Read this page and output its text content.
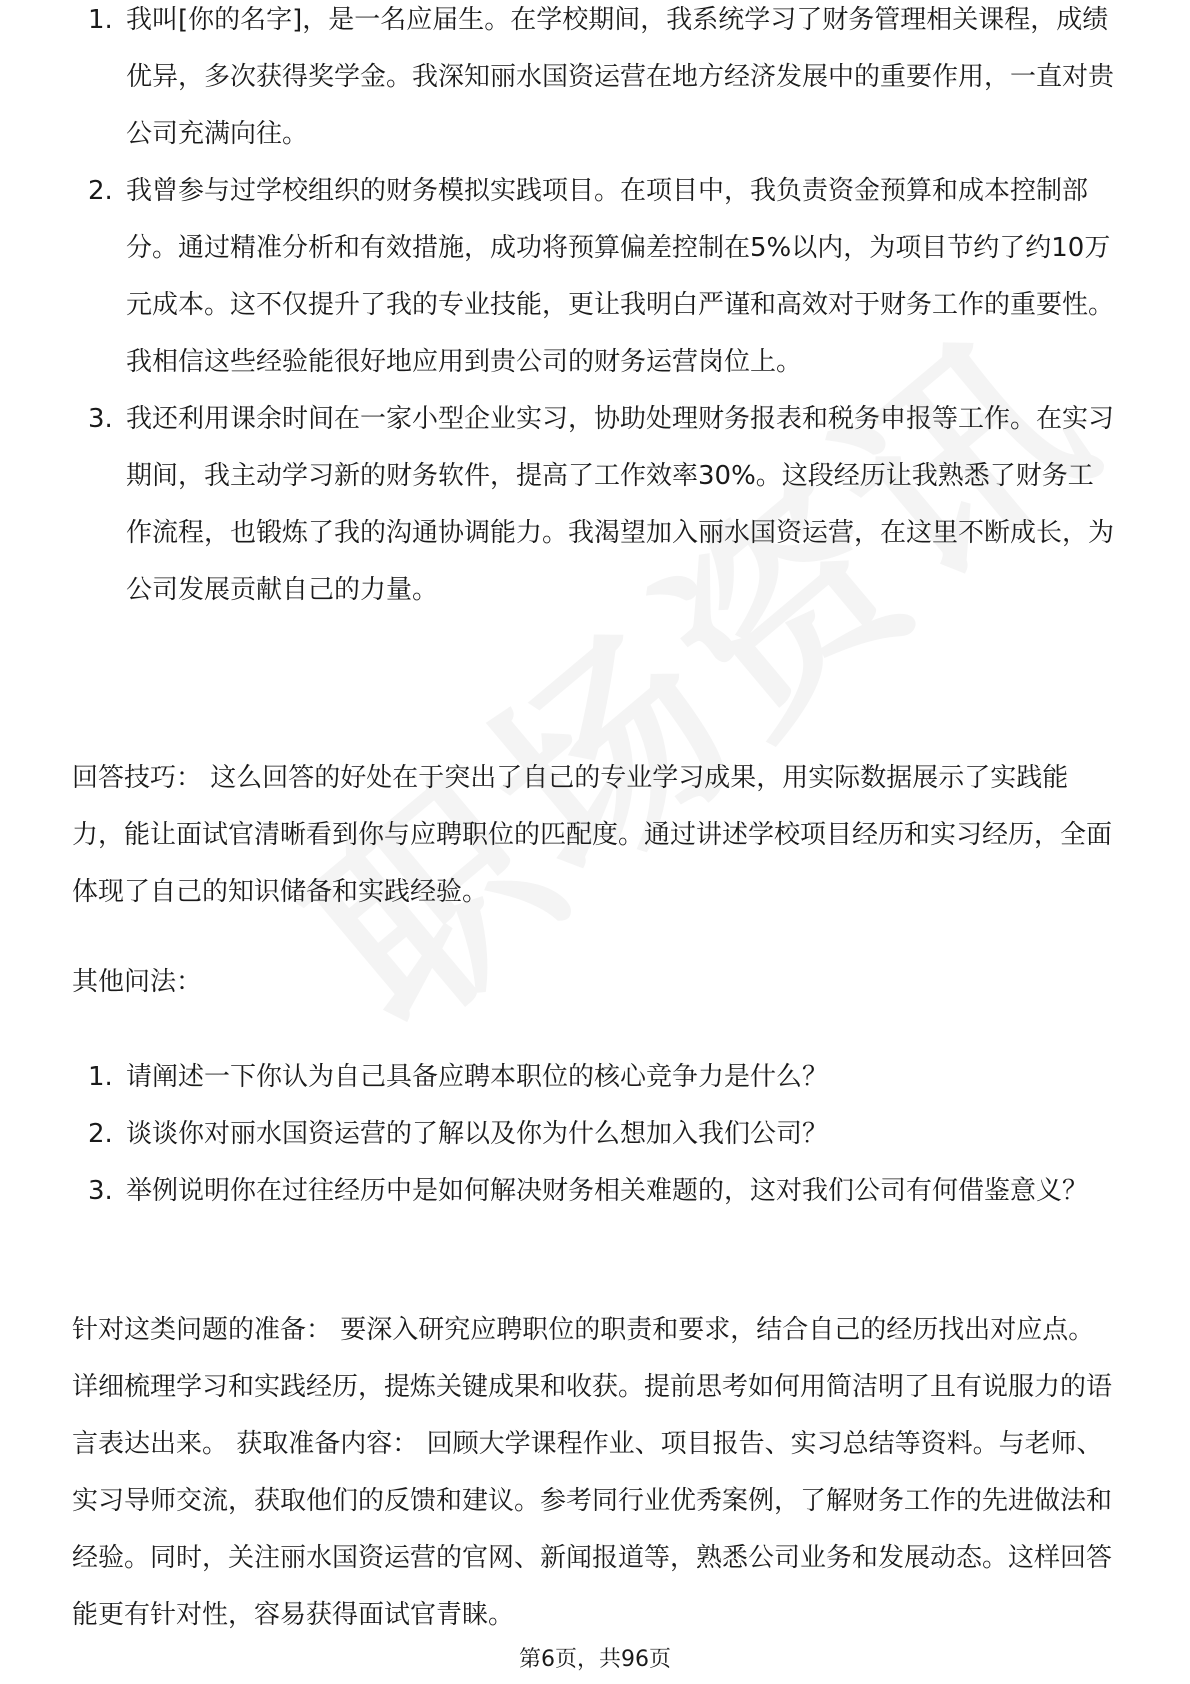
1. 我叫[你的名字]，是一名应届生。在学校期间，我系统学习了财务管理相关课程，成绩优异，多次获得奖学金。我深知丽水国资运营在地方经济发展中的重要作用，一直对贵公司充满向往。
2. 我曾参与过学校组织的财务模拟实践项目。在项目中，我负责资金预算和成本控制部分。通过精准分析和有效措施，成功将预算偏差控制在5%以内，为项目节约了约10万元成本。这不仅提升了我的专业技能，更让我明白严谨和高效对于财务工作的重要性。我相信这些经验能很好地应用到贵公司的财务运营岗位上。
3. 我还利用课余时间在一家小型企业实习，协助处理财务报表和税务申报等工作。在实习期间，我主动学习新的财务软件，提高了工作效率30%。这段经历让我熟悉了财务工作流程，也锻炼了我的沟通协调能力。我渴望加入丽水国资运营，在这里不断成长，为公司发展贡献自己的力量。

回答技巧： 这么回答的好处在于突出了自己的专业学习成果，用实际数据展示了实践能力，能让面试官清晰看到你与应聘职位的匹配度。通过讲述学校项目经历和实习经历，全面体现了自己的知识储备和实践经验。

其他问法：

1. 请阐述一下你认为自己具备应聘本职位的核心竞争力是什么？
2. 谈谈你对丽水国资运营的了解以及你为什么想加入我们公司？
3. 举例说明你在过往经历中是如何解决财务相关难题的，这对我们公司有何借鉴意义？

针对这类问题的准备： 要深入研究应聘职位的职责和要求，结合自己的经历找出对应点。详细梳理学习和实践经历，提炼关键成果和收获。提前思考如何用简洁明了且有说服力的语言表达出来。 获取准备内容： 回顾大学课程作业、项目报告、实习总结等资料。与老师、实习导师交流，获取他们的反馈和建议。参考同行业优秀案例，了解财务工作的先进做法和经验。同时，关注丽水国资运营的官网、新闻报道等，熟悉公司业务和发展动态。这样回答能更有针对性，容易获得面试官青睐。

第6页，共96页
